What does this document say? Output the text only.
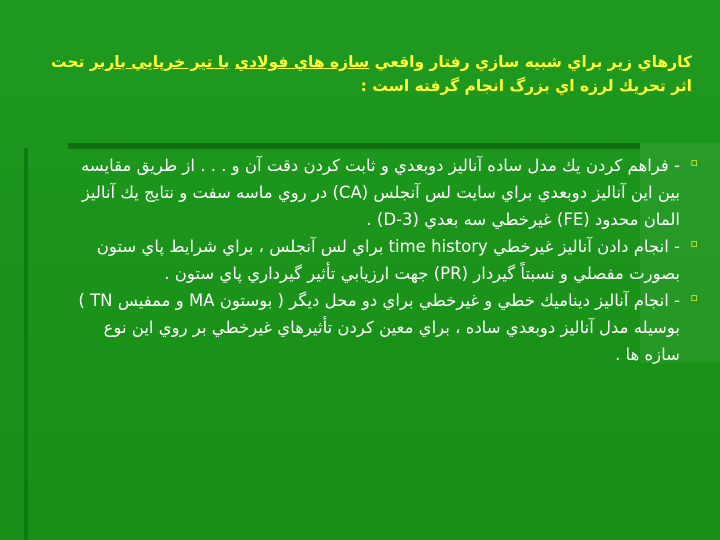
كارهاي زير براي شبيه سازي رفتار واقعي سازه هاي فولادي با تير خرپايي باربر تحت اثر تحريك لرزه اي بزرگ انجام گرفته است :
▫
- فراهم كردن يك مدل ساده آناليز دوبعدي و ثابت كردن دقت آن و . . . از طريق مقايسه بين اين آناليز دوبعدي براي سايت لس آنجلس (CA) در روي ماسه سفت و نتايج يك آناليز المان محدود (FE) غيرخطي سه بعدي (D-3) .
▫
- انجام دادن آناليز غيرخطي time history براي لس آنجلس ، براي شرايط پاي ستون بصورت مفصلي و نسبتاً گيردار (PR) جهت ارزيابي تأثير گيرداري پاي ستون .
▫
- انجام آناليز ديناميك خطي و غيرخطي براي دو محل ديگر ( بوستون MA و ممفيس TN ) بوسيله مدل آناليز دوبعدي ساده ، براي معين كردن تأثيرهاي غيرخطي بر روي اين نوع سازه ها .
